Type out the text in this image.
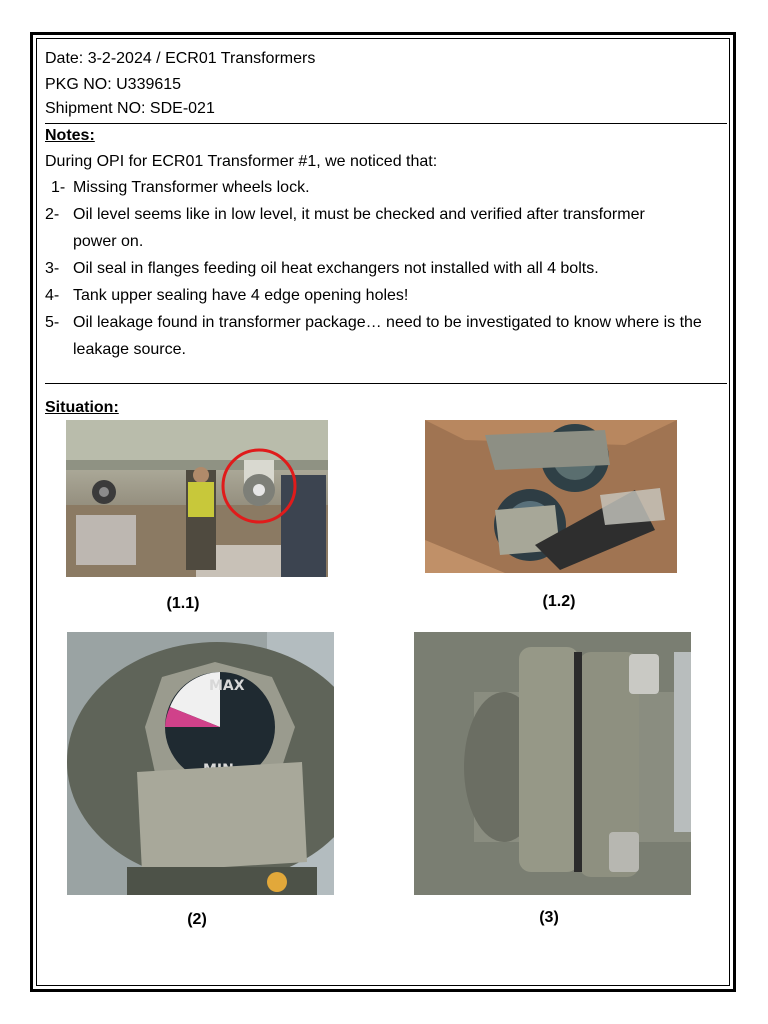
Date: 3-2-2024 / ECR01 Transformers
PKG NO: U339615
Shipment NO: SDE-021
Notes:
During OPI for ECR01 Transformer #1, we noticed that:
1- Missing Transformer wheels lock.
2- Oil level seems like in low level, it must be checked and verified after transformer power on.
3- Oil seal in flanges feeding oil heat exchangers not installed with all 4 bolts.
4- Tank upper sealing have 4 edge opening holes!
5- Oil leakage found in transformer package… need to be investigated to know where is the leakage source.
Situation:
(1.1)	(1.2)
MAX
(2)	(3)
